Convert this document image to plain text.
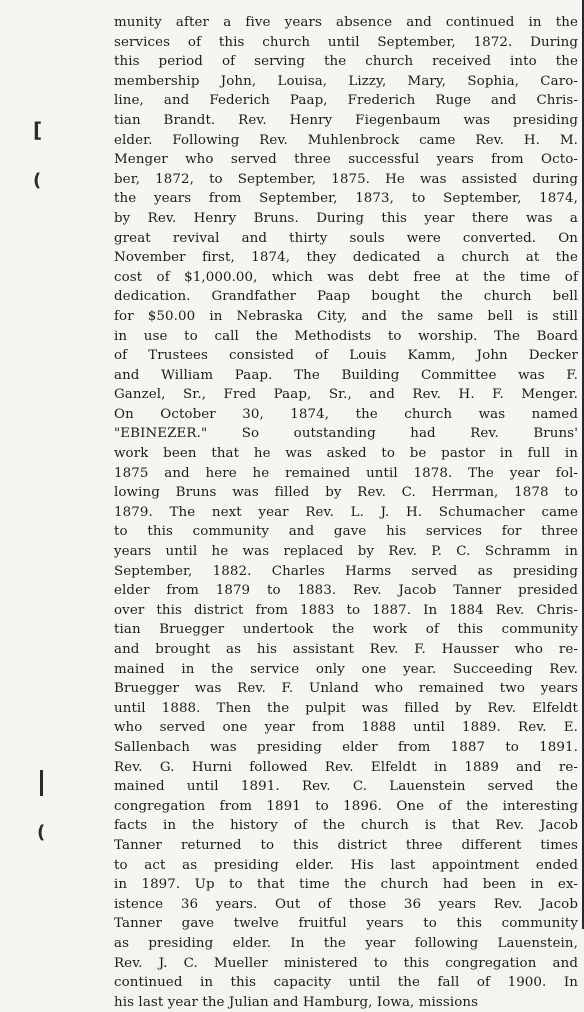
[
(
(
munity after a five years absence and continued in the
services of this church until September, 1872. During
this period of serving the church received into the
membership John, Louisa, Lizzy, Mary, Sophia, Caro-
line, and Federich Paap, Frederich Ruge and Chris-
tian Brandt. Rev. Henry Fiegenbaum was presiding
elder. Following Rev. Muhlenbrock came Rev. H. M.
Menger who served three successful years from Octo-
ber, 1872, to September, 1875. He was assisted during
the years from September, 1873, to September, 1874,
by Rev. Henry Bruns. During this year there was a
great revival and thirty souls were converted. On
November first, 1874, they dedicated a church at the
cost of $1,000.00, which was debt free at the time of
dedication. Grandfather Paap bought the church bell
for $50.00 in Nebraska City, and the same bell is still
in use to call the Methodists to worship. The Board
of Trustees consisted of Louis Kamm, John Decker
and William Paap. The Building Committee was F.
Ganzel, Sr., Fred Paap, Sr., and Rev. H. F. Menger.
On October 30, 1874, the church was named
"EBINEZER." So outstanding had Rev. Bruns'
work been that he was asked to be pastor in full in
1875 and here he remained until 1878. The year fol-
lowing Bruns was filled by Rev. C. Herrman, 1878 to
1879. The next year Rev. L. J. H. Schumacher came
to this community and gave his services for three
years until he was replaced by Rev. P. C. Schramm in
September, 1882. Charles Harms served as presiding
elder from 1879 to 1883. Rev. Jacob Tanner presided
over this district from 1883 to 1887. In 1884 Rev. Chris-
tian Bruegger undertook the work of this community
and brought as his assistant Rev. F. Hausser who re-
mained in the service only one year. Succeeding Rev.
Bruegger was Rev. F. Unland who remained two years
until 1888. Then the pulpit was filled by Rev. Elfeldt
who served one year from 1888 until 1889. Rev. E.
Sallenbach was presiding elder from 1887 to 1891.
Rev. G. Hurni followed Rev. Elfeldt in 1889 and re-
mained until 1891. Rev. C. Lauenstein served the
congregation from 1891 to 1896. One of the interesting
facts in the history of the church is that Rev. Jacob
Tanner returned to this district three different times
to act as presiding elder. His last appointment ended
in 1897. Up to that time the church had been in ex-
istence 36 years. Out of those 36 years Rev. Jacob
Tanner gave twelve fruitful years to this community
as presiding elder. In the year following Lauenstein,
Rev. J. C. Mueller ministered to this congregation and
continued in this capacity until the fall of 1900. In
his last year the Julian and Hamburg, Iowa, missions
